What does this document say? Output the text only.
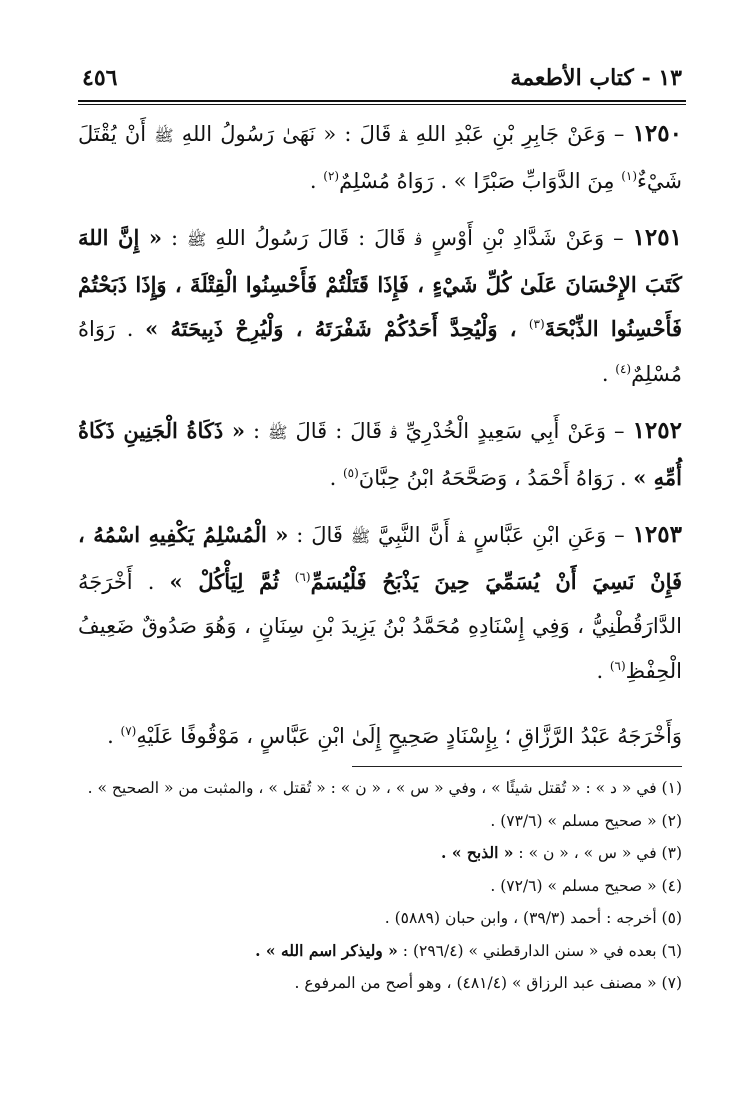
٤٥٦	١٣ - كتاب الأطعمة

١٢٥٠ – وَعَنْ جَابِرِ بْنِ عَبْدِ اللهِ ﭭ قَالَ : « نَهَىٰ رَسُولُ اللهِ ﷺ أَنْ يُقْتَلَ شَيْءٌ$^{(١)}$ مِنَ الدَّوَابِّ صَبْرًا » . رَوَاهُ مُسْلِمٌ$^{(٢)}$ .

١٢٥١ – وَعَنْ شَدَّادِ بْنِ أَوْسٍ ﭬ قَالَ : قَالَ رَسُولُ اللهِ ﷺ : « إِنَّ اللهَ كَتَبَ الإِحْسَانَ عَلَىٰ كُلِّ شَيْءٍ ، فَإِذَا قَتَلْتُمْ فَأَحْسِنُوا الْقِتْلَةَ ، وَإِذَا ذَبَحْتُمْ فَأَحْسِنُوا الذِّبْحَةَ$^{(٣)}$ ، وَلْيُحِدَّ أَحَدُكُمْ شَفْرَتَهُ ، وَلْيُرِحْ ذَبِيحَتَهُ » . رَوَاهُ مُسْلِمٌ$^{(٤)}$ .

١٢٥٢ – وَعَنْ أَبِي سَعِيدٍ الْخُدْرِيِّ ﭬ قَالَ : قَالَ ﷺ : « ذَكَاةُ الْجَنِينِ ذَكَاةُ أُمِّهِ » . رَوَاهُ أَحْمَدُ ، وَصَحَّحَهُ ابْنُ حِبَّانَ$^{(٥)}$ .

١٢٥٣ – وَعَنِ ابْنِ عَبَّاسٍ ﭭ أَنَّ النَّبِيَّ ﷺ قَالَ : « الْمُسْلِمُ يَكْفِيهِ اسْمُهُ ، فَإِنْ نَسِيَ أَنْ يُسَمِّيَ حِينَ يَذْبَحُ فَلْيُسَمِّ$^{(٦)}$ ثُمَّ لِيَأْكُلْ » . أَخْرَجَهُ الدَّارَقُطْنِيُّ ، وَفِي إِسْنَادِهِ مُحَمَّدُ بْنُ يَزِيدَ بْنِ سِنَانٍ ، وَهُوَ صَدُوقٌ ضَعِيفُ الْحِفْظِ$^{(٦)}$ .

وَأَخْرَجَهُ عَبْدُ الرَّزَّاقِ ؛ بِإِسْنَادٍ صَحِيحٍ إِلَىٰ ابْنِ عَبَّاسٍ ، مَوْقُوفًا عَلَيْهِ$^{(٧)}$ .

(١) في « د » : « تُقتل شيئًا » ، وفي « س » ، « ن » : « تُقتل » ، والمثبت من « الصحيح » .
(٢) « صحيح مسلم » (٧٣/٦) .
(٣) في « س » ، « ن » : « الذبح » .
(٤) « صحيح مسلم » (٧٢/٦) .
(٥) أخرجه : أحمد (٣٩/٣) ، وابن حبان (٥٨٨٩) .
(٦) بعده في « سنن الدارقطني » (٢٩٦/٤) : « وليذكر اسم الله » .
(٧) « مصنف عبد الرزاق » (٤٨١/٤) ، وهو أصح من المرفوع .
